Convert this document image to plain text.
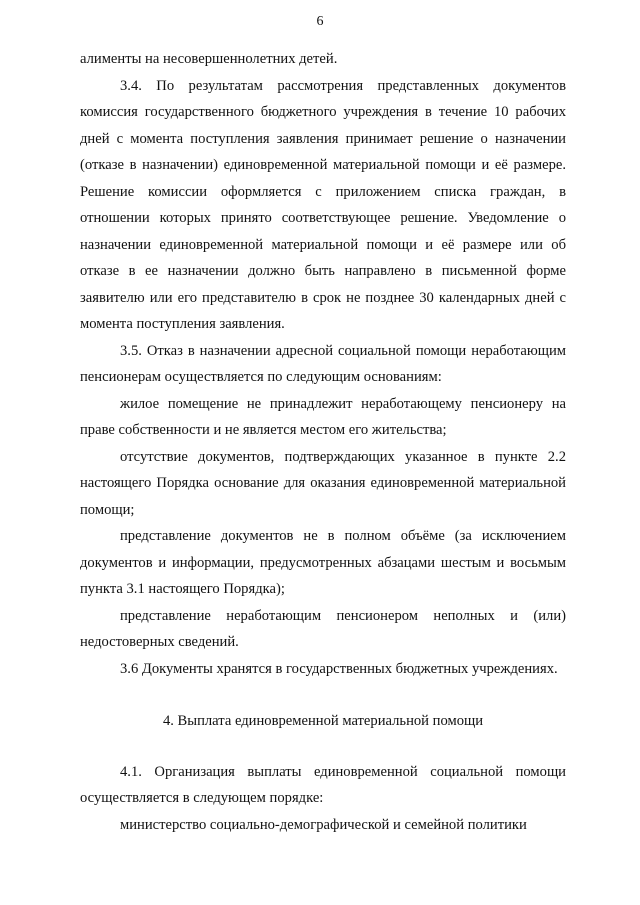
6

алименты на несовершеннолетних детей.

3.4. По результатам рассмотрения представленных документов комиссия государственного бюджетного учреждения в течение 10 рабочих дней с момента поступления заявления принимает решение о назначении (отказе в назначении) единовременной материальной помощи и её размере. Решение комиссии оформляется с приложением списка граждан, в отношении которых принято соответствующее решение. Уведомление о назначении единовременной материальной помощи и её размере или об отказе в ее назначении должно быть направлено в письменной форме заявителю или его представителю в срок не позднее 30 календарных дней с момента поступления заявления.

3.5. Отказ в назначении адресной социальной помощи неработающим пенсионерам осуществляется по следующим основаниям:

жилое помещение не принадлежит неработающему пенсионеру на праве собственности и не является местом его жительства;

отсутствие документов, подтверждающих указанное в пункте 2.2 настоящего Порядка основание для оказания единовременной материальной помощи;

представление документов не в полном объёме (за исключением документов и информации, предусмотренных абзацами шестым и восьмым пункта 3.1 настоящего Порядка);

представление неработающим пенсионером неполных и (или) недостоверных сведений.

3.6 Документы хранятся в государственных бюджетных учреждениях.

4. Выплата единовременной материальной помощи

4.1. Организация выплаты единовременной социальной помощи осуществляется в следующем порядке:

министерство социально-демографической и семейной политики
